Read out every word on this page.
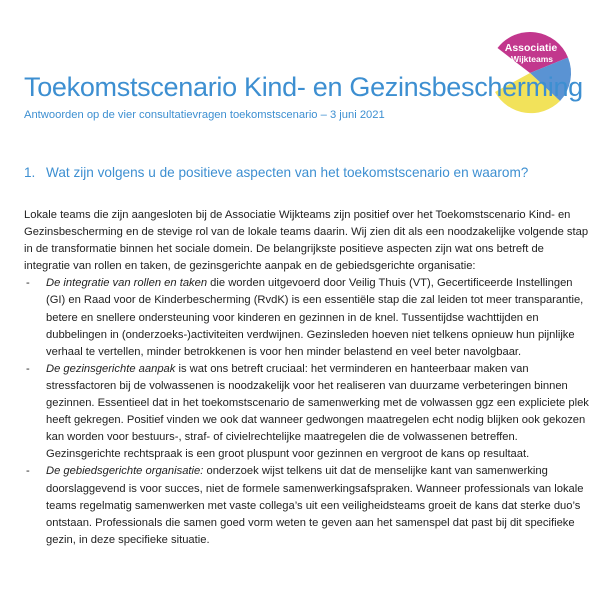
Associatie
Wijkteams
Toekomstscenario Kind- en Gezinsbescherming
Antwoorden op de vier consultatievragen toekomstscenario – 3 juni 2021
1. Wat zijn volgens u de positieve aspecten van het toekomstscenario en waarom?

Lokale teams die zijn aangesloten bij de Associatie Wijkteams zijn positief over het Toekomstscenario Kind- en Gezinsbescherming en de stevige rol van de lokale teams daarin. Wij zien dit als een noodzakelijke volgende stap in de transformatie binnen het sociale domein. De belangrijkste positieve aspecten zijn wat ons betreft de integratie van rollen en taken, de gezinsgerichte aanpak en de gebiedsgerichte organisatie:

- De integratie van rollen en taken die worden uitgevoerd door Veilig Thuis (VT), Gecertificeerde Instellingen (GI) en Raad voor de Kinderbescherming (RvdK) is een essentiële stap die zal leiden tot meer transparantie, betere en snellere ondersteuning voor kinderen en gezinnen in de knel. Tussentijdse wachttijden en dubbelingen in (onderzoeks-)activiteiten verdwijnen. Gezinsleden hoeven niet telkens opnieuw hun pijnlijke verhaal te vertellen, minder betrokkenen is voor hen minder belastend en veel beter navolgbaar.
- De gezinsgerichte aanpak is wat ons betreft cruciaal: het verminderen en hanteerbaar maken van stressfactoren bij de volwassenen is noodzakelijk voor het realiseren van duurzame verbeteringen binnen gezinnen. Essentieel dat in het toekomstscenario de samenwerking met de volwassen ggz een expliciete plek heeft gekregen. Positief vinden we ook dat wanneer gedwongen maatregelen echt nodig blijken ook gekozen kan worden voor bestuurs-, straf- of civielrechtelijke maatregelen die de volwassenen betreffen. Gezinsgerichte rechtspraak is een groot pluspunt voor gezinnen en vergroot de kans op resultaat.
- De gebiedsgerichte organisatie: onderzoek wijst telkens uit dat de menselijke kant van samenwerking doorslaggevend is voor succes, niet de formele samenwerkingsafspraken. Wanneer professionals van lokale teams regelmatig samenwerken met vaste collega’s uit een veiligheidsteams groeit de kans dat sterke duo’s ontstaan. Professionals die samen goed vorm weten te geven aan het samenspel dat past bij dit specifieke gezin, in deze specifieke situatie.
